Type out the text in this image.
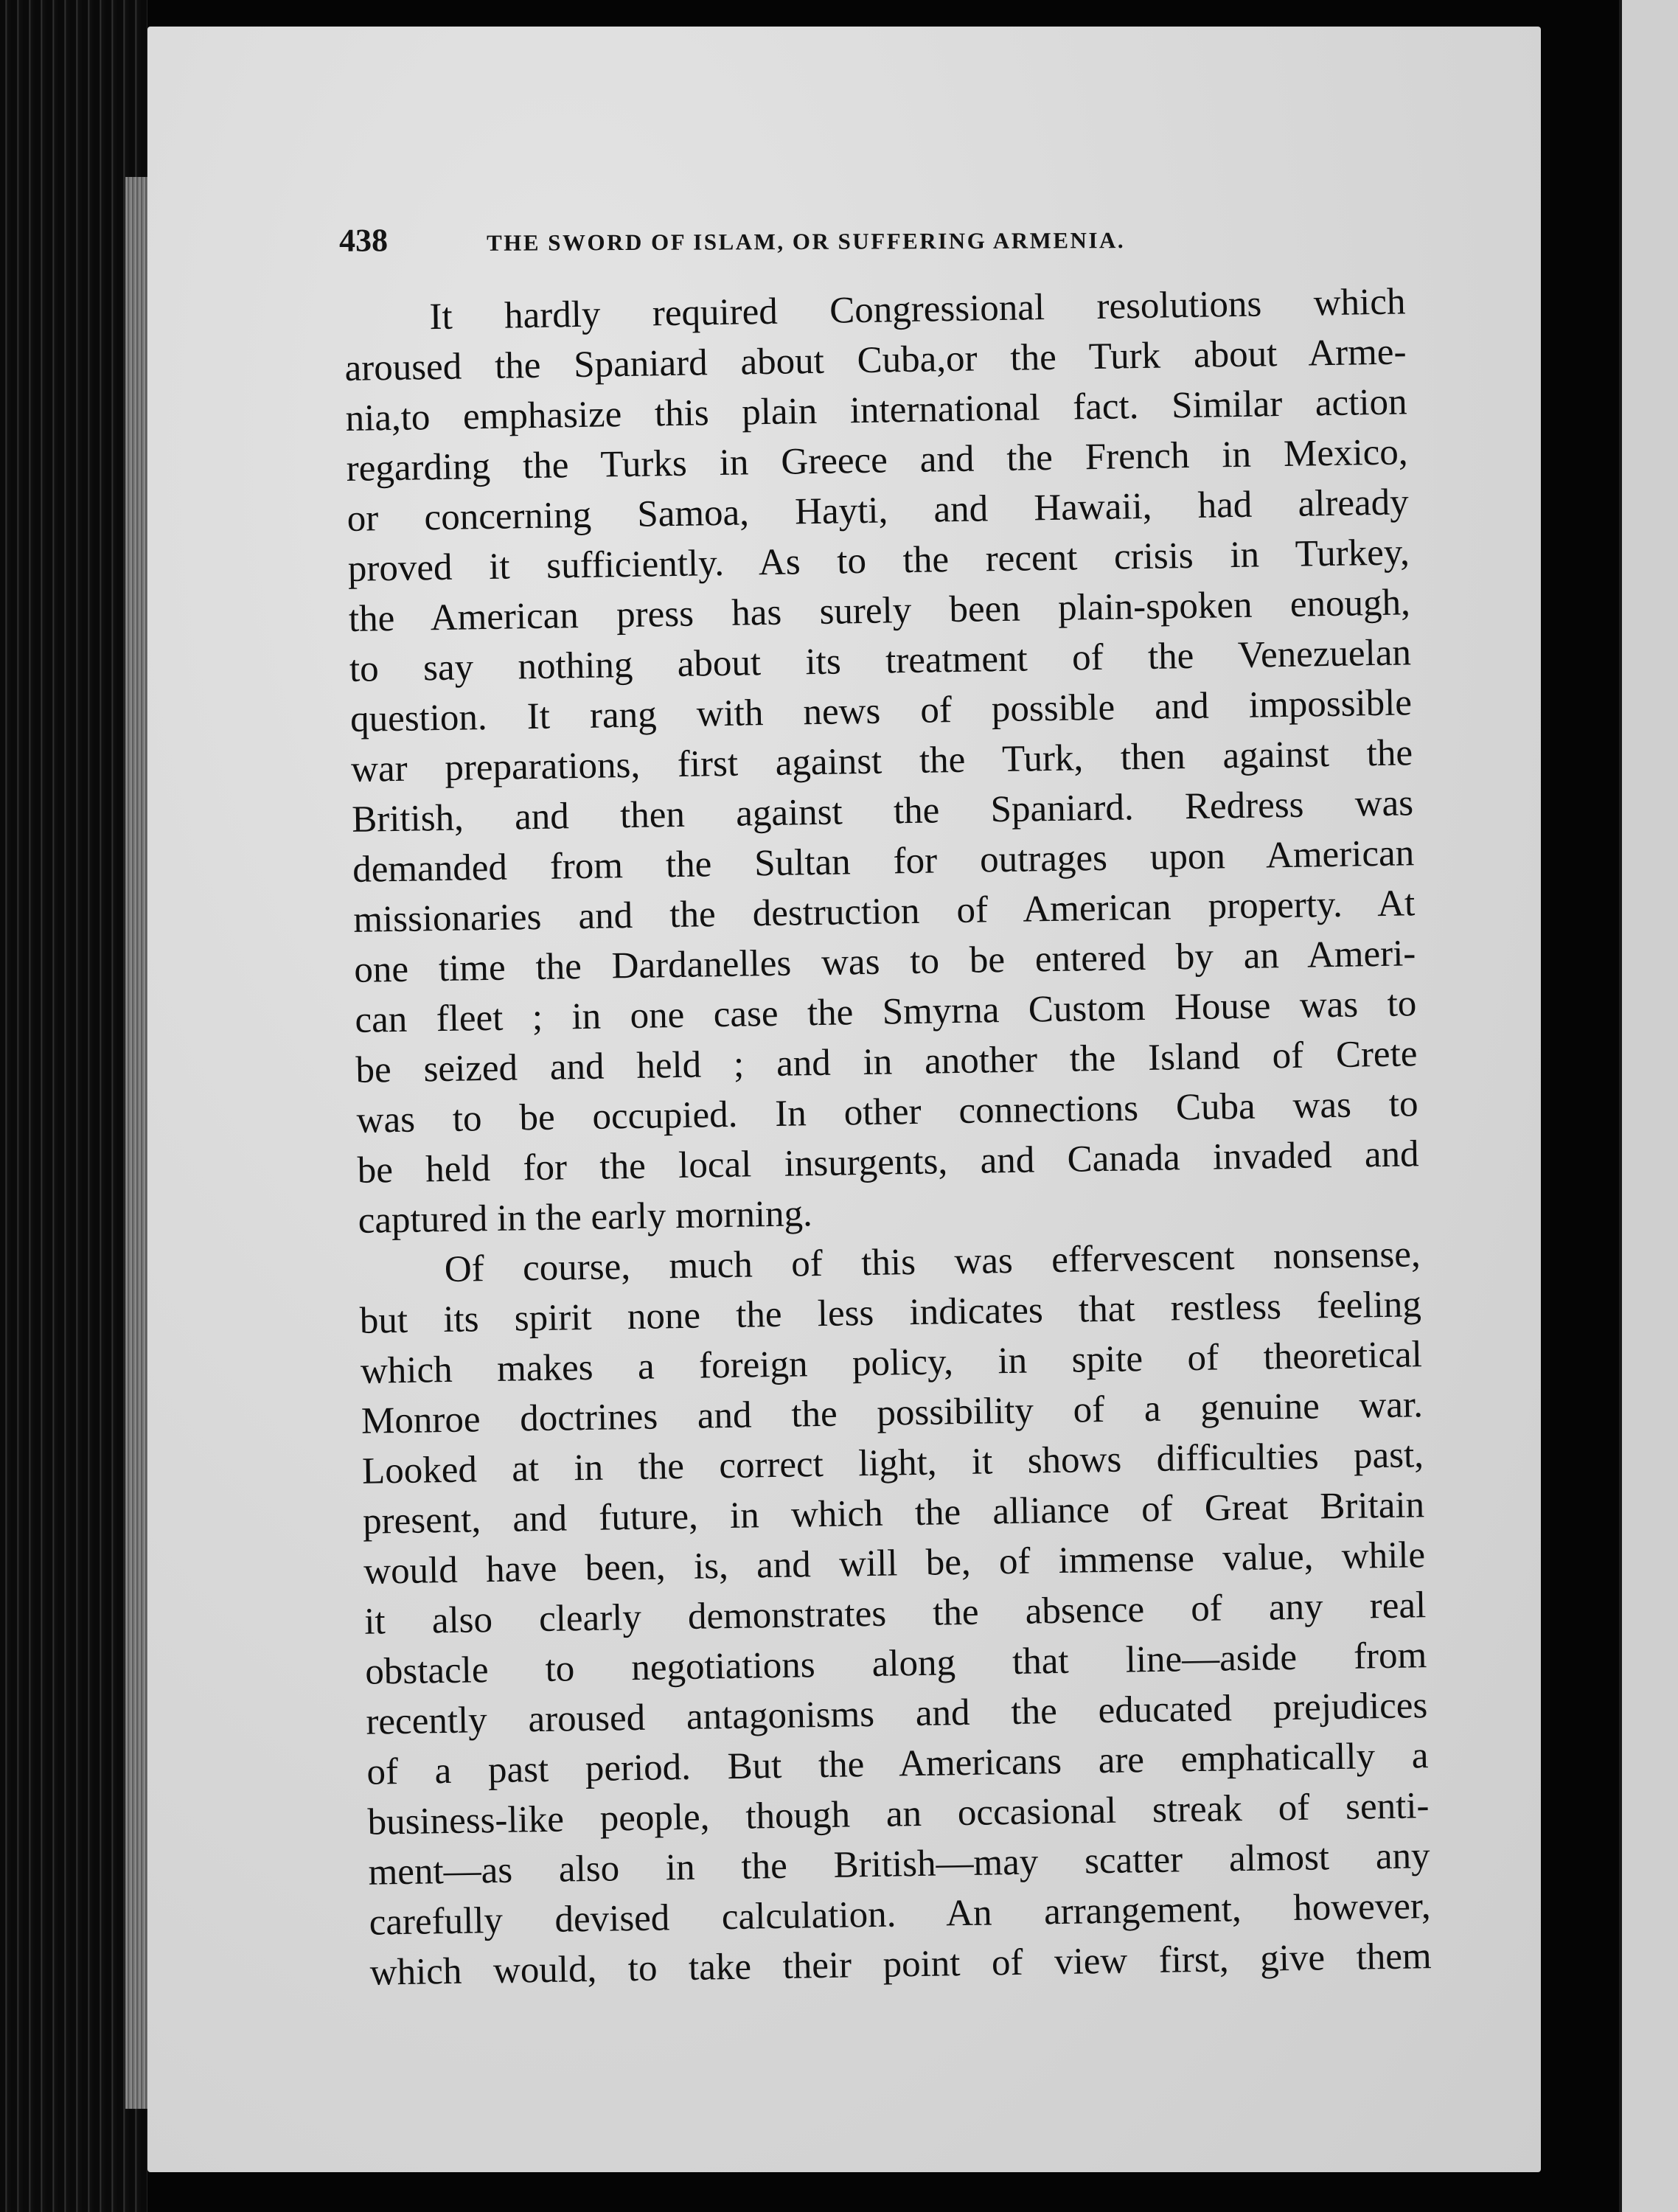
438	THE SWORD OF ISLAM, OR SUFFERING ARMENIA.
It hardly required Congressional resolutions which
aroused the Spaniard about Cuba,or the Turk about Arme-
nia,to emphasize this plain international fact. Similar action
regarding the Turks in Greece and the French in Mexico,
or concerning Samoa, Hayti, and Hawaii, had already
proved it sufficiently. As to the recent crisis in Turkey,
the American press has surely been plain-spoken enough,
to say nothing about its treatment of the Venezuelan
question. It rang with news of possible and impossible
war preparations, first against the Turk, then against the
British, and then against the Spaniard. Redress was
demanded from the Sultan for outrages upon American
missionaries and the destruction of American property. At
one time the Dardanelles was to be entered by an Ameri-
can fleet ; in one case the Smyrna Custom House was to
be seized and held ; and in another the Island of Crete
was to be occupied. In other connections Cuba was to
be held for the local insurgents, and Canada invaded and
captured in the early morning.
Of course, much of this was effervescent nonsense,
but its spirit none the less indicates that restless feeling
which makes a foreign policy, in spite of theoretical
Monroe doctrines and the possibility of a genuine war.
Looked at in the correct light, it shows difficulties past,
present, and future, in which the alliance of Great Britain
would have been, is, and will be, of immense value, while
it also clearly demonstrates the absence of any real
obstacle to negotiations along that line—aside from
recently aroused antagonisms and the educated prejudices
of a past period. But the Americans are emphatically a
business-like people, though an occasional streak of senti-
ment—as also in the British—may scatter almost any
carefully devised calculation. An arrangement, however,
which would, to take their point of view first, give them
